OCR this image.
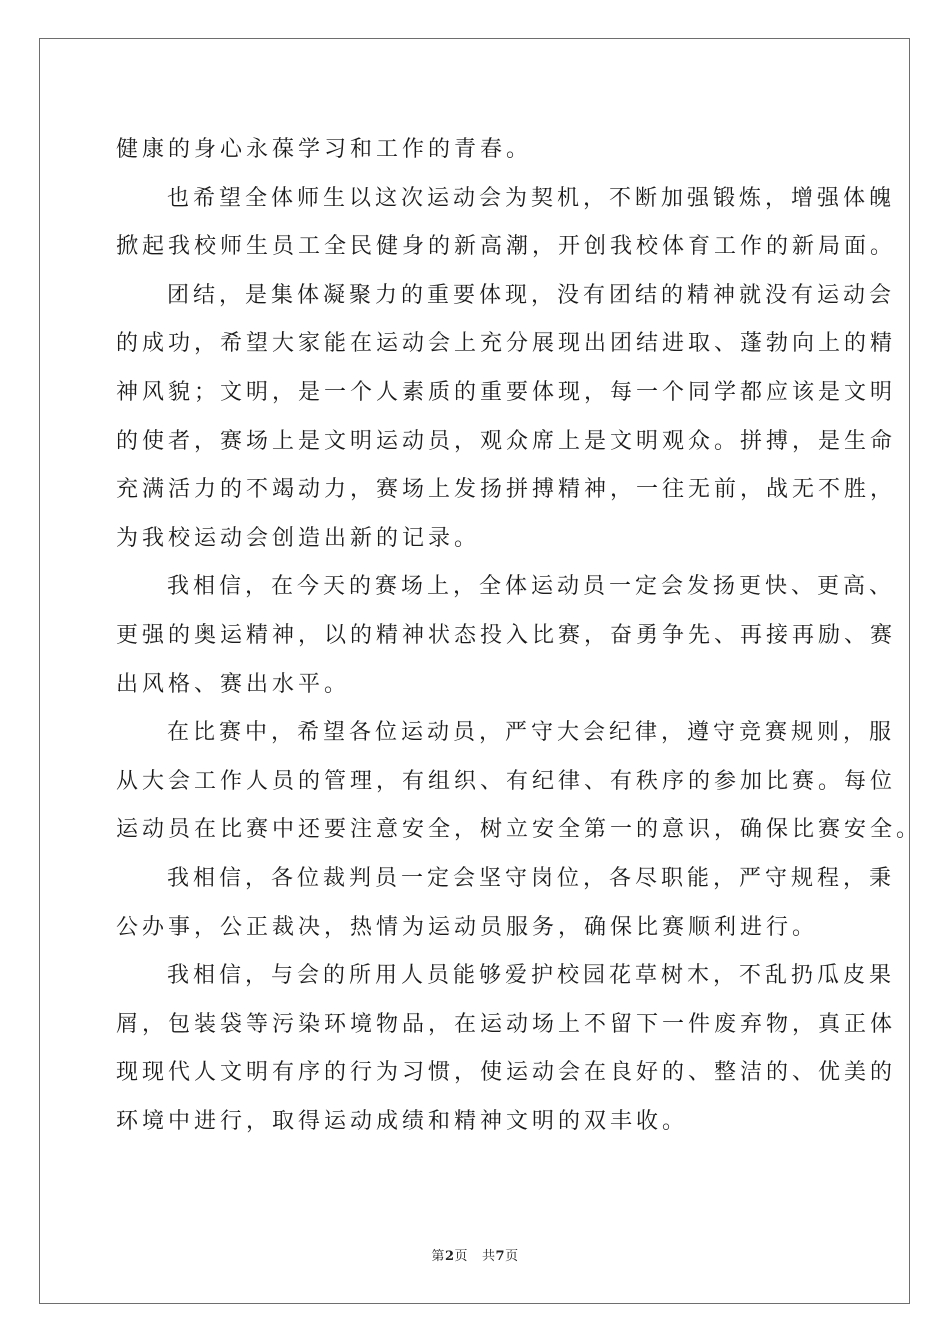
健康的身心永葆学习和工作的青春。
也希望全体师生以这次运动会为契机，不断加强锻炼，增强体魄
掀起我校师生员工全民健身的新高潮，开创我校体育工作的新局面。
团结，是集体凝聚力的重要体现，没有团结的精神就没有运动会
的成功，希望大家能在运动会上充分展现出团结进取、蓬勃向上的精
神风貌；文明，是一个人素质的重要体现，每一个同学都应该是文明
的使者，赛场上是文明运动员，观众席上是文明观众。拼搏，是生命
充满活力的不竭动力，赛场上发扬拼搏精神，一往无前，战无不胜，
为我校运动会创造出新的记录。
我相信，在今天的赛场上，全体运动员一定会发扬更快、更高、
更强的奥运精神，以的精神状态投入比赛，奋勇争先、再接再励、赛
出风格、赛出水平。
在比赛中，希望各位运动员，严守大会纪律，遵守竞赛规则，服
从大会工作人员的管理，有组织、有纪律、有秩序的参加比赛。每位
运动员在比赛中还要注意安全，树立安全第一的意识，确保比赛安全。
我相信，各位裁判员一定会坚守岗位，各尽职能，严守规程，秉
公办事，公正裁决，热情为运动员服务，确保比赛顺利进行。
我相信，与会的所用人员能够爱护校园花草树木，不乱扔瓜皮果
屑，包装袋等污染环境物品，在运动场上不留下一件废弃物，真正体
现现代人文明有序的行为习惯，使运动会在良好的、整洁的、优美的
环境中进行，取得运动成绩和精神文明的双丰收。
第2页 共7页
